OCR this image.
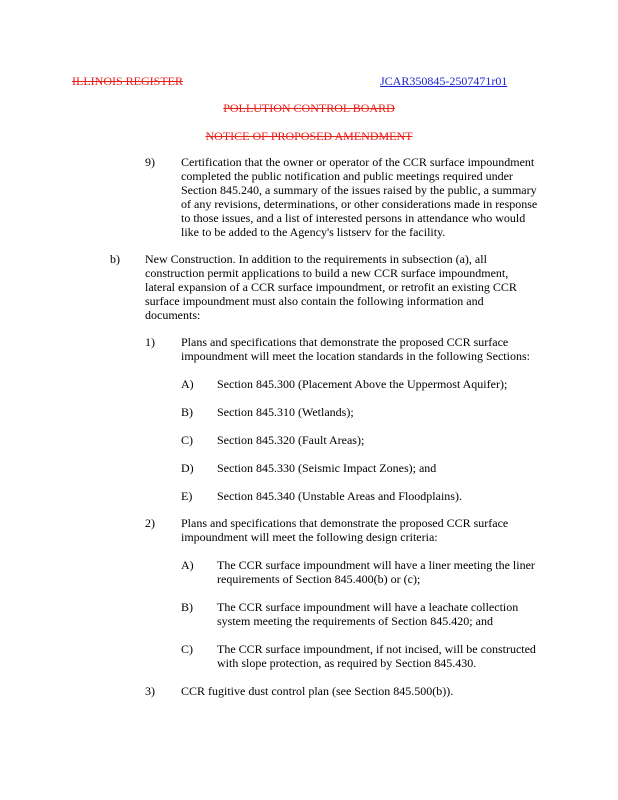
ILLINOIS REGISTER	JCAR350845-2507471r01
POLLUTION CONTROL BOARD
NOTICE OF PROPOSED AMENDMENT
9) Certification that the owner or operator of the CCR surface impoundment
completed the public notification and public meetings required under
Section 845.240, a summary of the issues raised by the public, a summary
of any revisions, determinations, or other considerations made in response
to those issues, and a list of interested persons in attendance who would
like to be added to the Agency's listserv for the facility.
b) New Construction. In addition to the requirements in subsection (a), all
construction permit applications to build a new CCR surface impoundment,
lateral expansion of a CCR surface impoundment, or retrofit an existing CCR
surface impoundment must also contain the following information and
documents:
1) Plans and specifications that demonstrate the proposed CCR surface
impoundment will meet the location standards in the following Sections:
A) Section 845.300 (Placement Above the Uppermost Aquifer);
B) Section 845.310 (Wetlands);
C) Section 845.320 (Fault Areas);
D) Section 845.330 (Seismic Impact Zones); and
E) Section 845.340 (Unstable Areas and Floodplains).
2) Plans and specifications that demonstrate the proposed CCR surface
impoundment will meet the following design criteria:
A) The CCR surface impoundment will have a liner meeting the liner
requirements of Section 845.400(b) or (c);
B) The CCR surface impoundment will have a leachate collection
system meeting the requirements of Section 845.420; and
C) The CCR surface impoundment, if not incised, will be constructed
with slope protection, as required by Section 845.430.
3) CCR fugitive dust control plan (see Section 845.500(b)).
